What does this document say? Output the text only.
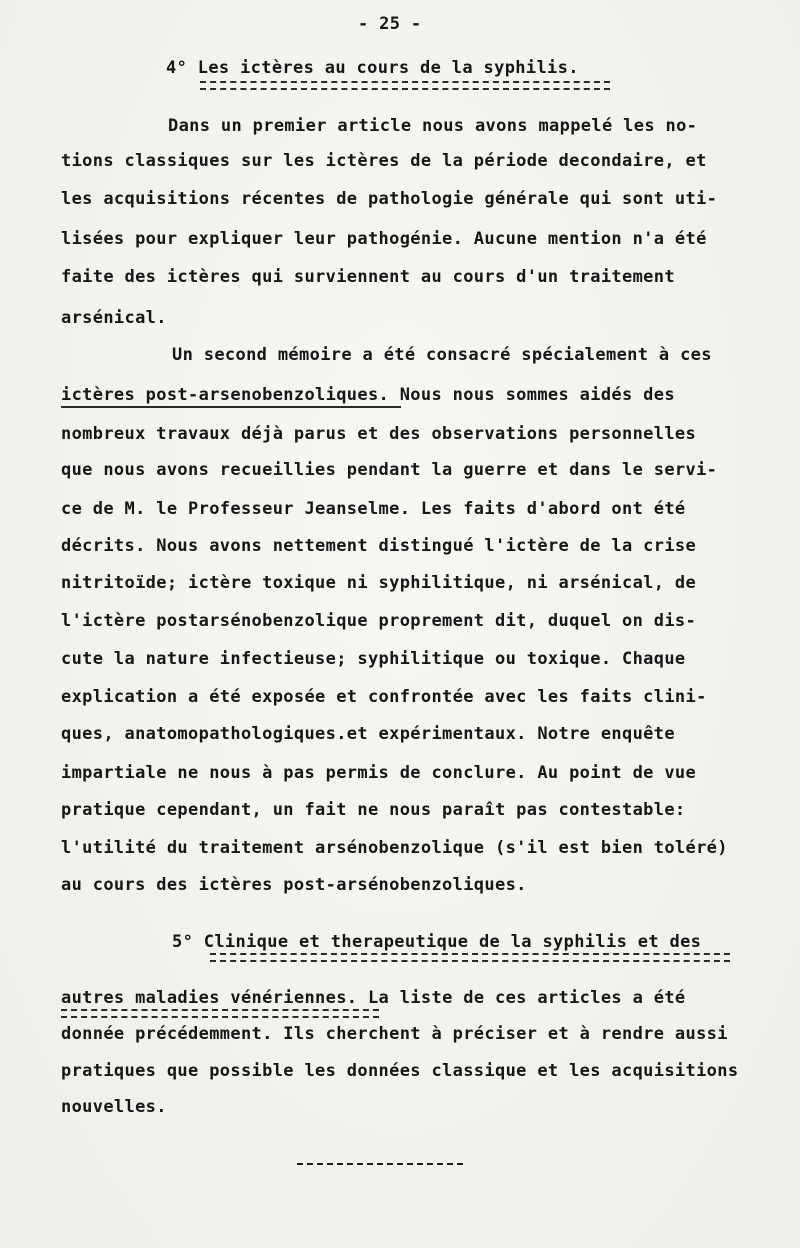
- 25 -
4° Les ictères au cours de la syphilis.
Dans un premier article nous avons mappelé les no-
tions classiques sur les ictères de la période decondaire, et
les acquisitions récentes de pathologie générale qui sont uti-
lisées pour expliquer leur pathogénie. Aucune mention n'a été
faite des ictères qui surviennent au cours d'un traitement
arsénical.
Un second mémoire a été consacré spécialement à ces
ictères post-arsenobenzoliques. Nous nous sommes aidés des
nombreux travaux déjà parus et des observations personnelles
que nous avons recueillies pendant la guerre et dans le servi-
ce de M. le Professeur Jeanselme. Les faits d'abord ont été
décrits. Nous avons nettement distingué l'ictère de la crise
nitritoïde; ictère toxique ni syphilitique, ni arsénical, de
l'ictère postarsénobenzolique proprement dit, duquel on dis-
cute la nature infectieuse; syphilitique ou toxique. Chaque
explication a été exposée et confrontée avec les faits clini-
ques, anatomopathologiques.et expérimentaux. Notre enquête
impartiale ne nous à pas permis de conclure. Au point de vue
pratique cependant, un fait ne nous paraît pas contestable:
l'utilité du traitement arsénobenzolique (s'il est bien toléré)
au cours des ictères post-arsénobenzoliques.
5° Clinique et therapeutique de la syphilis et des
autres maladies vénériennes. La liste de ces articles a été
donnée précédemment. Ils cherchent à préciser et à rendre aussi
pratiques que possible les données classique et les acquisitions
nouvelles.
